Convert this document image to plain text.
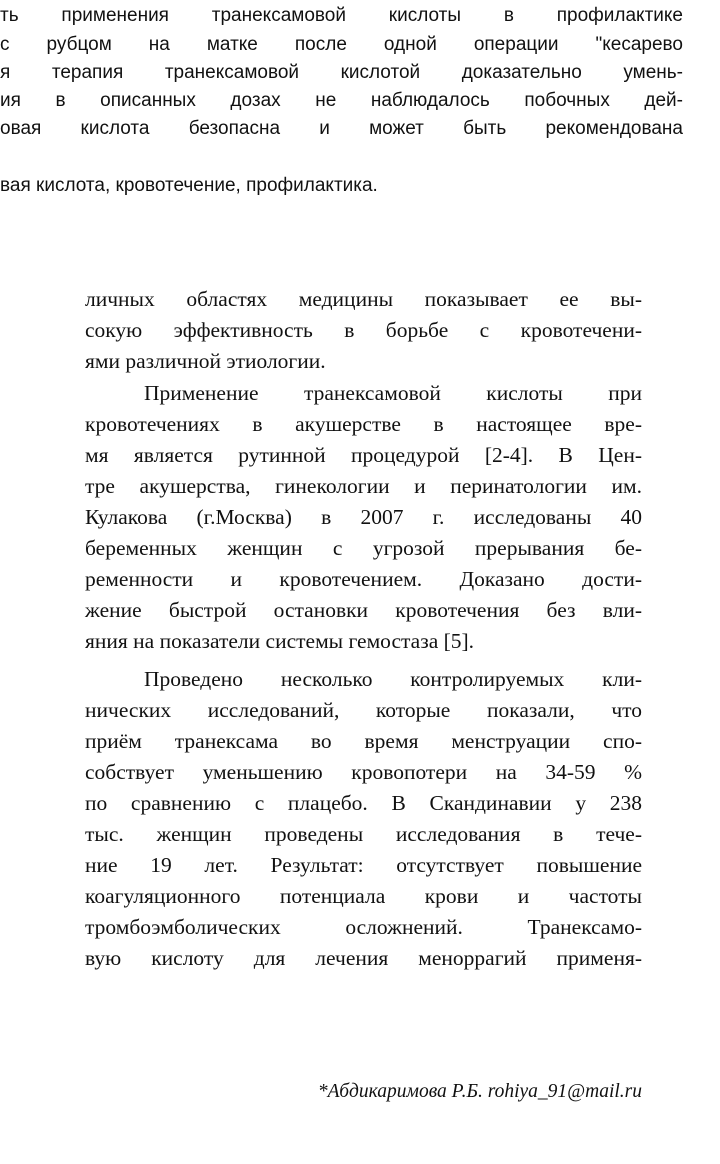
ть применения транексамовой кислоты в профилактике
с рубцом на матке после одной операции "кесарево
я терапия транексамовой кислотой доказательно умень-
ия в описанных дозах не наблюдалось побочных дей-
овая кислота безопасна и может быть рекомендована
вая кислота, кровотечение, профилактика.
личных областях медицины показывает ее вы-
сокую эффективность в борьбе с кровотечени-
ями различной этиологии.
Применение транексамовой кислоты при
кровотечениях в акушерстве в настоящее вре-
мя является рутинной процедурой [2-4]. В Цен-
тре акушерства, гинекологии и перинатологии им.
Кулакова (г.Москва) в 2007 г. исследованы 40
беременных женщин с угрозой прерывания бе-
ременности и кровотечением. Доказано дости-
жение быстрой остановки кровотечения без вли-
яния на показатели системы гемостаза [5].
Проведено несколько контролируемых кли-
нических исследований, которые показали, что
приём транексама во время менструации спо-
собствует уменьшению кровопотери на 34-59 %
по сравнению с плацебо. В Скандинавии у 238
тыс. женщин проведены исследования в тече-
ние 19 лет. Результат: отсутствует повышение
коагуляционного потенциала крови и частоты
тромбоэмболических осложнений. Транексамо-
вую кислоту для лечения меноррагий применя-
*Абдикаримова Р.Б. rohiya_91@mail.ru
